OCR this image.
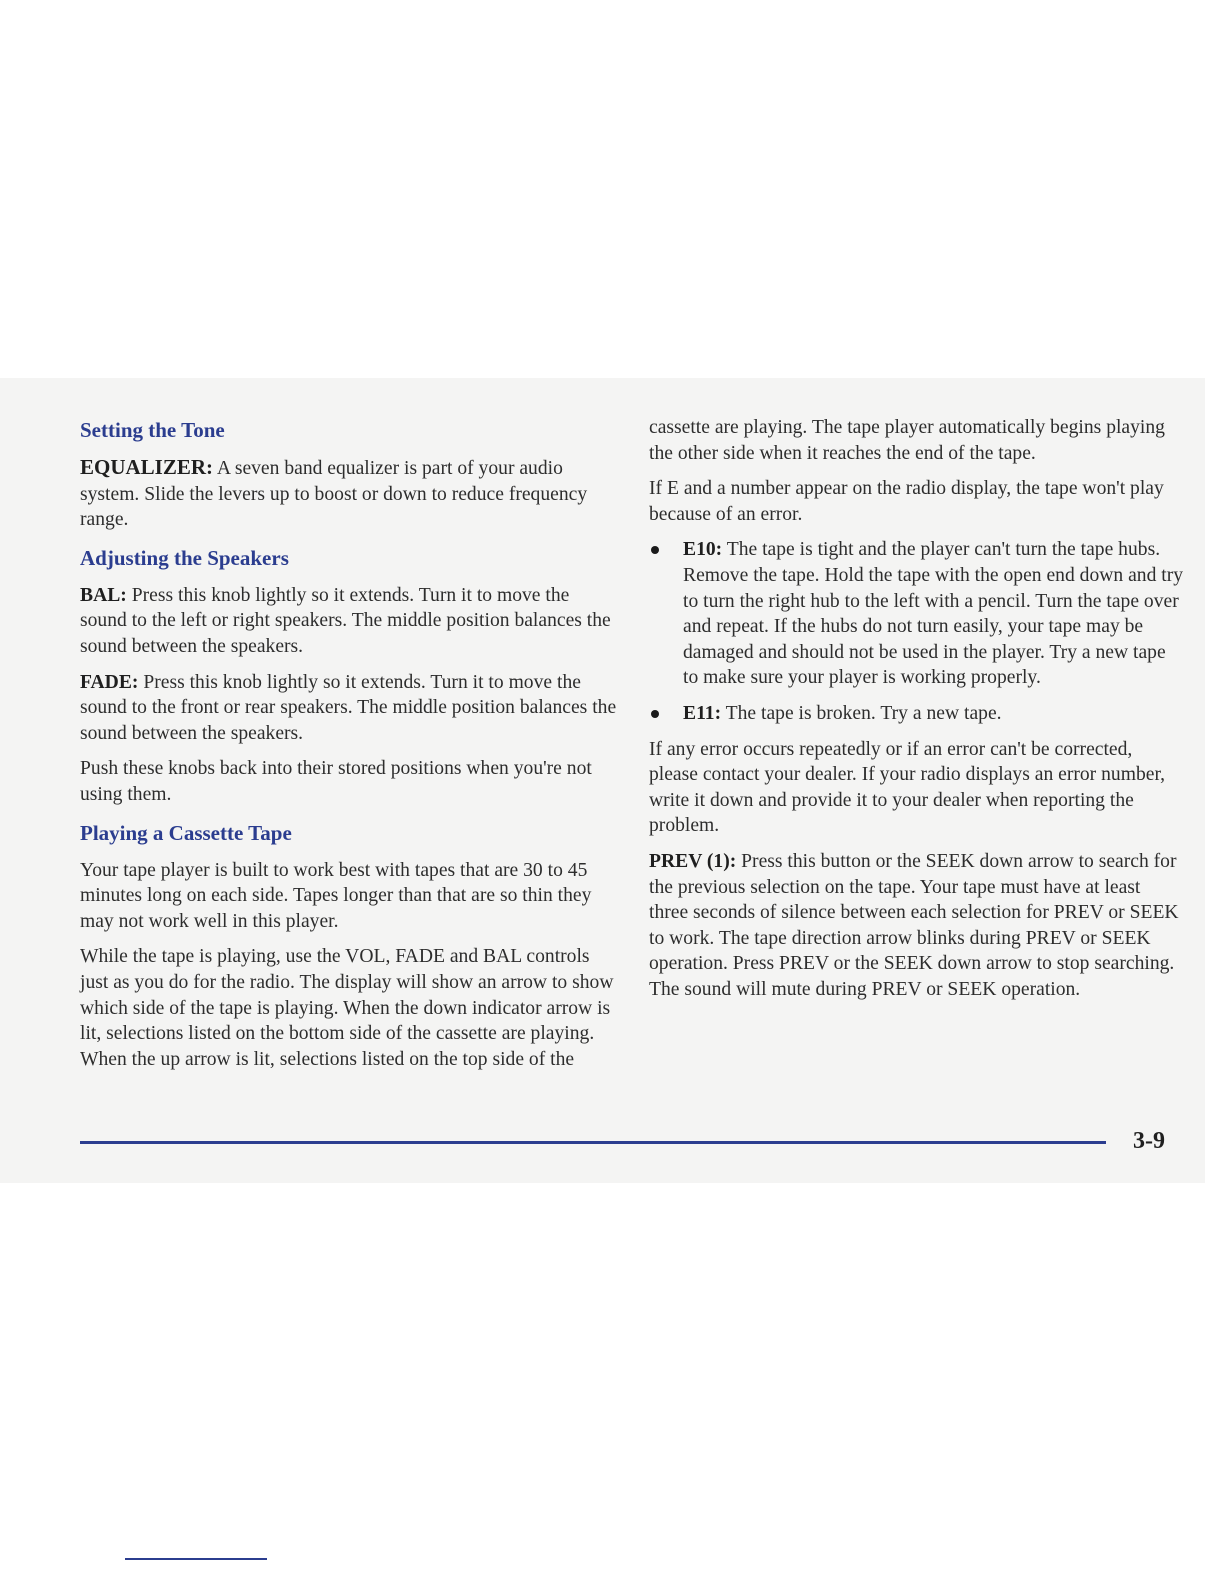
Setting the Tone

EQUALIZER: A seven band equalizer is part of your audio system. Slide the levers up to boost or down to reduce frequency range.

Adjusting the Speakers

BAL: Press this knob lightly so it extends. Turn it to move the sound to the left or right speakers. The middle position balances the sound between the speakers.

FADE: Press this knob lightly so it extends. Turn it to move the sound to the front or rear speakers. The middle position balances the sound between the speakers.

Push these knobs back into their stored positions when you're not using them.

Playing a Cassette Tape

Your tape player is built to work best with tapes that are 30 to 45 minutes long on each side. Tapes longer than that are so thin they may not work well in this player.

While the tape is playing, use the VOL, FADE and BAL controls just as you do for the radio. The display will show an arrow to show which side of the tape is playing. When the down indicator arrow is lit, selections listed on the bottom side of the cassette are playing. When the up arrow is lit, selections listed on the top side of the

cassette are playing. The tape player automatically begins playing the other side when it reaches the end of the tape.

If E and a number appear on the radio display, the tape won't play because of an error.

E10: The tape is tight and the player can't turn the tape hubs. Remove the tape. Hold the tape with the open end down and try to turn the right hub to the left with a pencil. Turn the tape over and repeat. If the hubs do not turn easily, your tape may be damaged and should not be used in the player. Try a new tape to make sure your player is working properly.
E11: The tape is broken. Try a new tape.

If any error occurs repeatedly or if an error can't be corrected, please contact your dealer. If your radio displays an error number, write it down and provide it to your dealer when reporting the problem.

PREV (1): Press this button or the SEEK down arrow to search for the previous selection on the tape. Your tape must have at least three seconds of silence between each selection for PREV or SEEK to work. The tape direction arrow blinks during PREV or SEEK operation. Press PREV or the SEEK down arrow to stop searching. The sound will mute during PREV or SEEK operation.

3-9
